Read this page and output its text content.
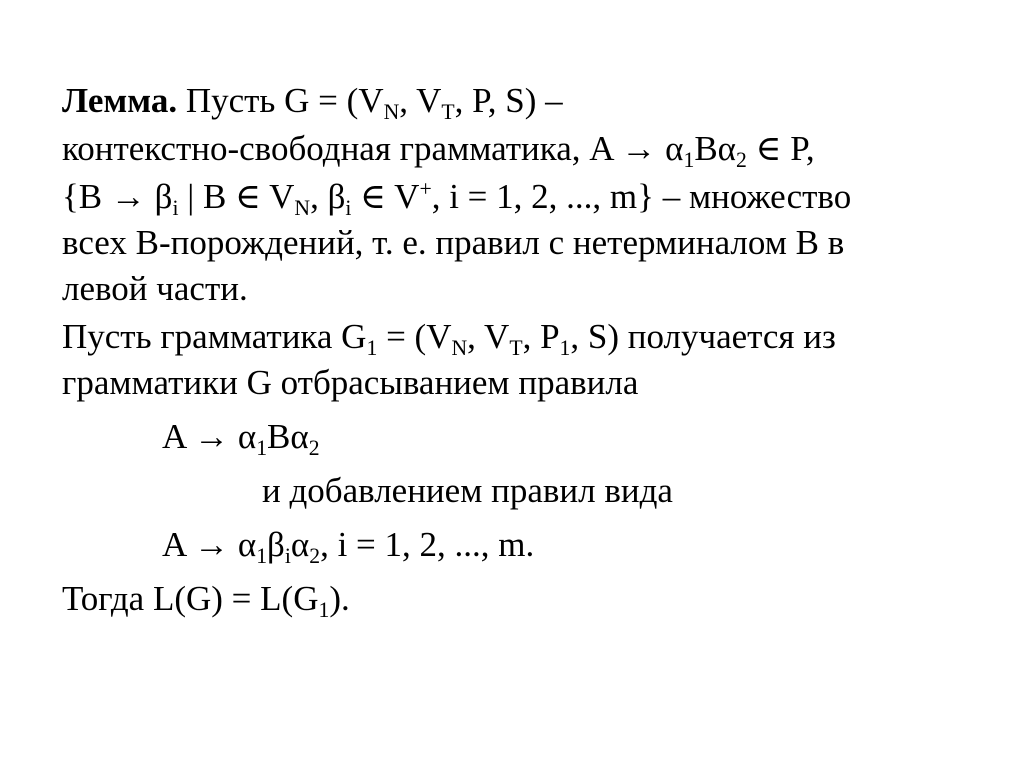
Лемма. Пусть $G = (V_N$, $V_T$, P, S) –
контекстно-свободная грамматика, $A \to \alpha_1B\alpha_2$ ∈ P,
{$B \to \beta_i$ | B ∈ $V_N$, $\beta_i$ ∈ V+, i = 1, 2, ..., m} – множество
всех B-порождений, т. е. правил с нетерминалом B в
левой части.
Пусть грамматика $G_1 = (V_N$, $V_T$, $P_1$, S) получается из
грамматики G отбрасыванием правила
$A \to \alpha_1B\alpha_2$
и добавлением правил вида
$A \to \alpha_1\beta_i\alpha_2$, i = 1, 2, ..., m.
Тогда $L(G) = L(G_1)$.
